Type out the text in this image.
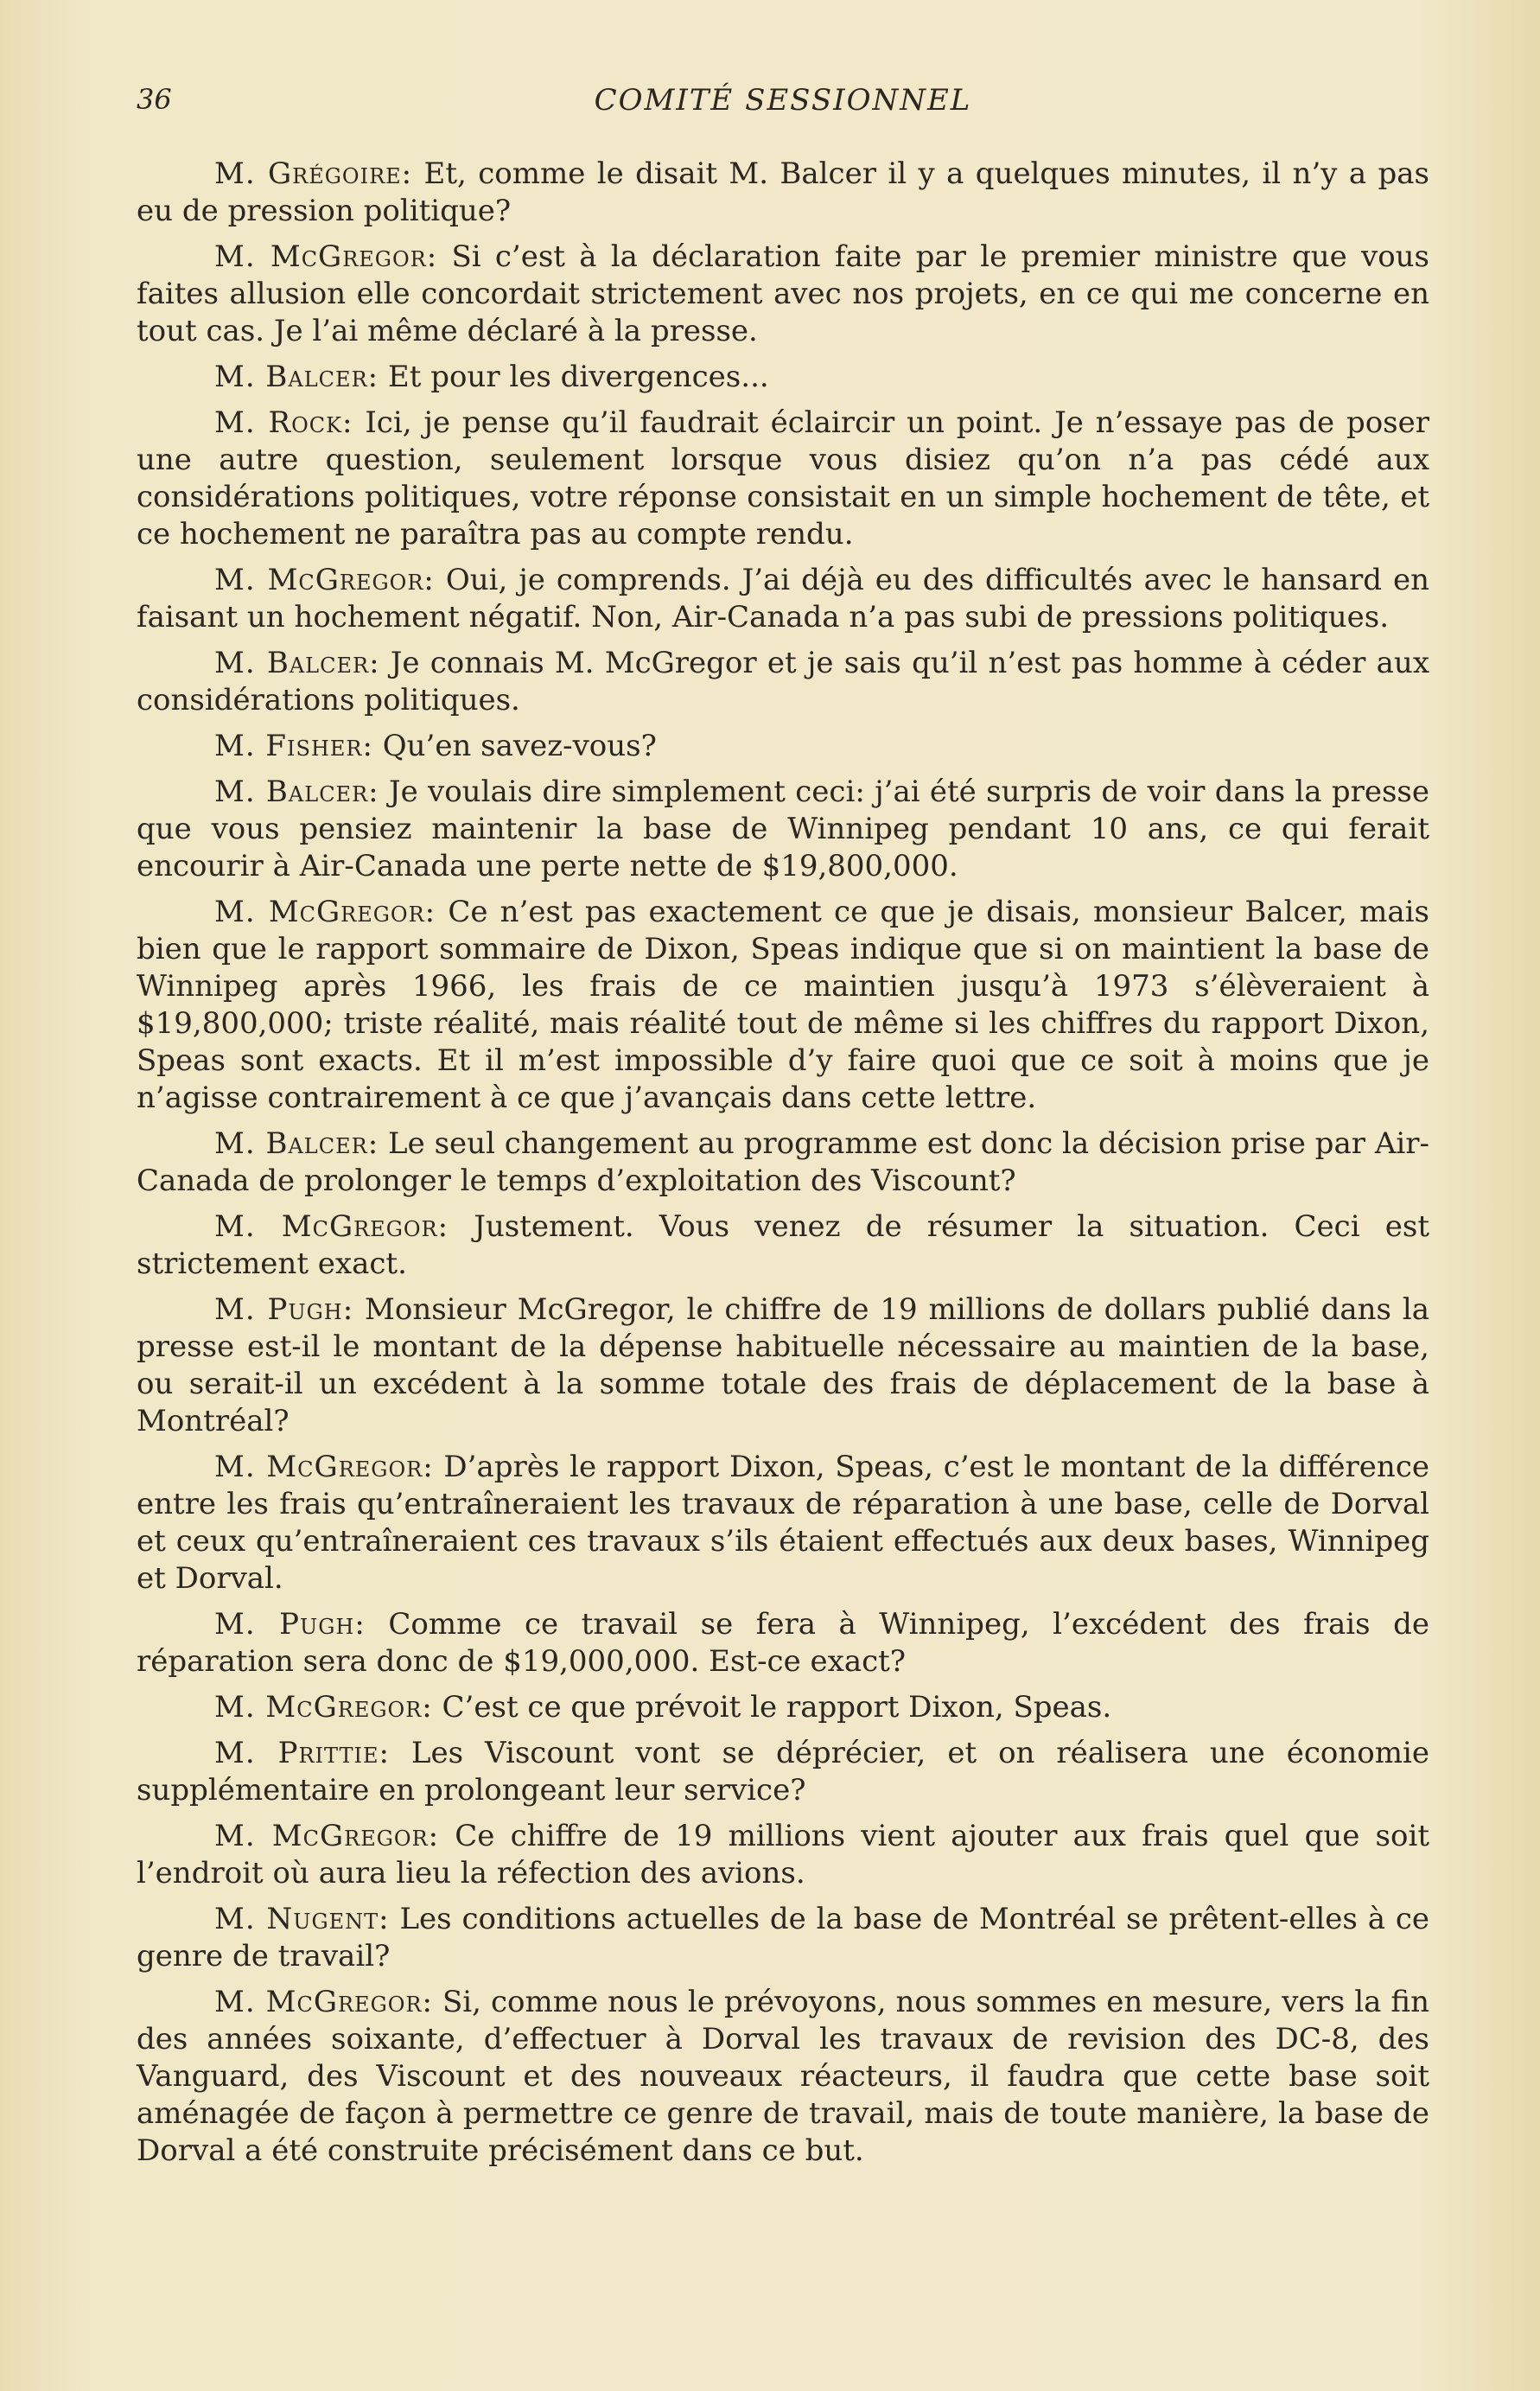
36	COMITÉ SESSIONNEL

M. Grégoire: Et, comme le disait M. Balcer il y a quelques minutes, il n’y a pas eu de pression politique?

M. McGregor: Si c’est à la déclaration faite par le premier ministre que vous faites allusion elle concordait strictement avec nos projets, en ce qui me concerne en tout cas. Je l’ai même déclaré à la presse.

M. Balcer: Et pour les divergences...

M. Rock: Ici, je pense qu’il faudrait éclaircir un point. Je n’essaye pas de poser une autre question, seulement lorsque vous disiez qu’on n’a pas cédé aux considérations politiques, votre réponse consistait en un simple hochement de tête, et ce hochement ne paraîtra pas au compte rendu.

M. McGregor: Oui, je comprends. J’ai déjà eu des difficultés avec le hansard en faisant un hochement négatif. Non, Air-Canada n’a pas subi de pressions politiques.

M. Balcer: Je connais M. McGregor et je sais qu’il n’est pas homme à céder aux considérations politiques.

M. Fisher: Qu’en savez-vous?

M. Balcer: Je voulais dire simplement ceci: j’ai été surpris de voir dans la presse que vous pensiez maintenir la base de Winnipeg pendant 10 ans, ce qui ferait encourir à Air-Canada une perte nette de $19,800,000.

M. McGregor: Ce n’est pas exactement ce que je disais, monsieur Balcer, mais bien que le rapport sommaire de Dixon, Speas indique que si on maintient la base de Winnipeg après 1966, les frais de ce maintien jusqu’à 1973 s’élèveraient à $19,800,000; triste réalité, mais réalité tout de même si les chiffres du rapport Dixon, Speas sont exacts. Et il m’est impossible d’y faire quoi que ce soit à moins que je n’agisse contrairement à ce que j’avançais dans cette lettre.

M. Balcer: Le seul changement au programme est donc la décision prise par Air-Canada de prolonger le temps d’exploitation des Viscount?

M. McGregor: Justement. Vous venez de résumer la situation. Ceci est strictement exact.

M. Pugh: Monsieur McGregor, le chiffre de 19 millions de dollars publié dans la presse est-il le montant de la dépense habituelle nécessaire au maintien de la base, ou serait-il un excédent à la somme totale des frais de déplacement de la base à Montréal?

M. McGregor: D’après le rapport Dixon, Speas, c’est le montant de la différence entre les frais qu’entraîneraient les travaux de réparation à une base, celle de Dorval et ceux qu’entraîneraient ces travaux s’ils étaient effectués aux deux bases, Winnipeg et Dorval.

M. Pugh: Comme ce travail se fera à Winnipeg, l’excédent des frais de réparation sera donc de $19,000,000. Est-ce exact?

M. McGregor: C’est ce que prévoit le rapport Dixon, Speas.

M. Prittie: Les Viscount vont se déprécier, et on réalisera une économie supplémentaire en prolongeant leur service?

M. McGregor: Ce chiffre de 19 millions vient ajouter aux frais quel que soit l’endroit où aura lieu la réfection des avions.

M. Nugent: Les conditions actuelles de la base de Montréal se prêtent-elles à ce genre de travail?

M. McGregor: Si, comme nous le prévoyons, nous sommes en mesure, vers la fin des années soixante, d’effectuer à Dorval les travaux de revision des DC-8, des Vanguard, des Viscount et des nouveaux réacteurs, il faudra que cette base soit aménagée de façon à permettre ce genre de travail, mais de toute manière, la base de Dorval a été construite précisément dans ce but.
